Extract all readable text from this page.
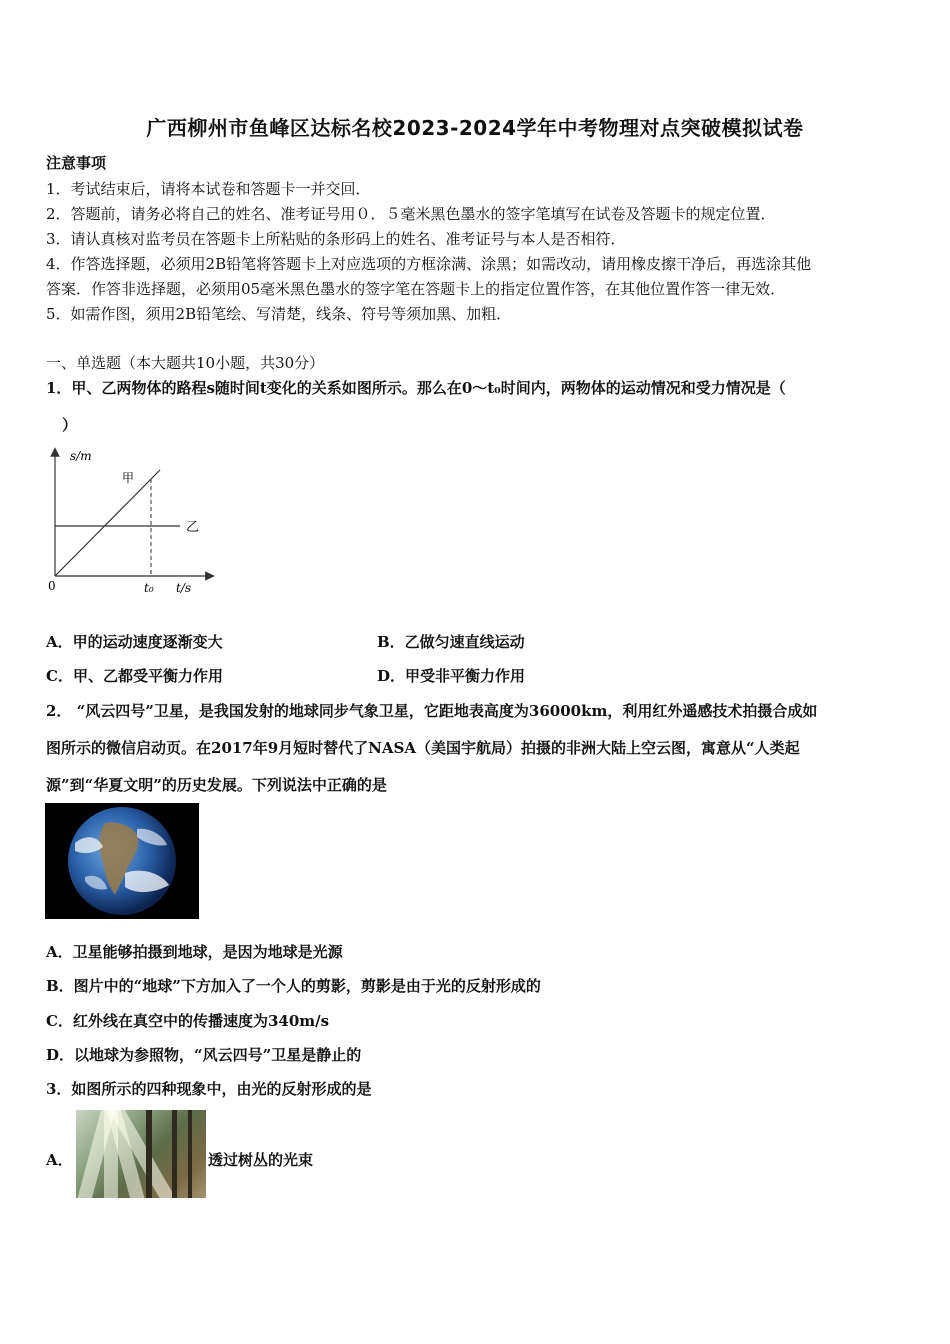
广西柳州市鱼峰区达标名校2023-2024学年中考物理对点突破模拟试卷
注意事项
1．考试结束后，请将本试卷和答题卡一并交回．
2．答题前，请务必将自己的姓名、准考证号用０．５毫米黑色墨水的签字笔填写在试卷及答题卡的规定位置．
3．请认真核对监考员在答题卡上所粘贴的条形码上的姓名、准考证号与本人是否相符．
4．作答选择题，必须用2B铅笔将答题卡上对应选项的方框涂满、涂黑；如需改动，请用橡皮擦干净后，再选涂其他
答案．作答非选择题，必须用05毫米黑色墨水的签字笔在答题卡上的指定位置作答，在其他位置作答一律无效．
5．如需作图，须用2B铅笔绘、写清楚，线条、符号等须加黑、加粗．
一、单选题（本大题共10小题，共30分）
1．甲、乙两物体的路程s随时间t变化的关系如图所示。那么在0～t₀时间内，两物体的运动情况和受力情况是（
）
s/m
t/s
0	t₀
甲
乙
A．甲的运动速度逐渐变大	B．乙做匀速直线运动
C．甲、乙都受平衡力作用	D．甲受非平衡力作用
2． “风云四号”卫星，是我国发射的地球同步气象卫星，它距地表高度为36000km，利用红外遥感技术拍摄合成如
图所示的微信启动页。在2017年9月短时替代了NASA（美国宇航局）拍摄的非洲大陆上空云图，寓意从“人类起
源”到“华夏文明”的历史发展。下列说法中正确的是
A．卫星能够拍摄到地球，是因为地球是光源
B．图片中的“地球”下方加入了一个人的剪影，剪影是由于光的反射形成的
C．红外线在真空中的传播速度为340m/s
D．以地球为参照物，“风云四号”卫星是静止的
3．如图所示的四种现象中，由光的反射形成的是
A．	透过树丛的光束
